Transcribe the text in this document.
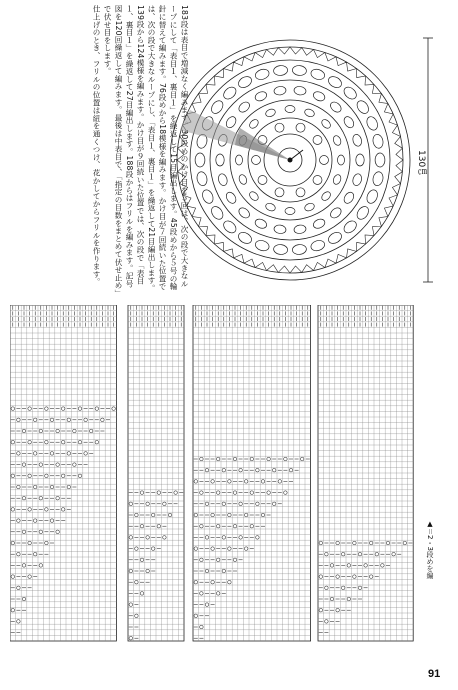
183段は表目で増減なく編みます。30段めのかけ目を５回は、次の段で大きなループにして「表目１、裏目１」を繰返して15目編出します。45段めから５号の輪針に替えて編みます。76段めから18模様を編みます。かけ目が７回続いた位置では、次の段で大きなループにし、「表目１、裏目１」を繰返して21目編出します。139段から124模様を編みます。かけ目が９回続いた位置では、次の段で「表目１、裏目１」を繰返して27目編出します。188段からはフリルを編みます。記号図を120回繰返して編みます。最後は中表目で、「指定の目数をまとめて伏せ止め」で伏せ目をします。

仕上げのとき、フリルの位置は紐を通くつけ、花かしてからフリルを作ります。	130㎝
▲＝2・3段めを編
91
